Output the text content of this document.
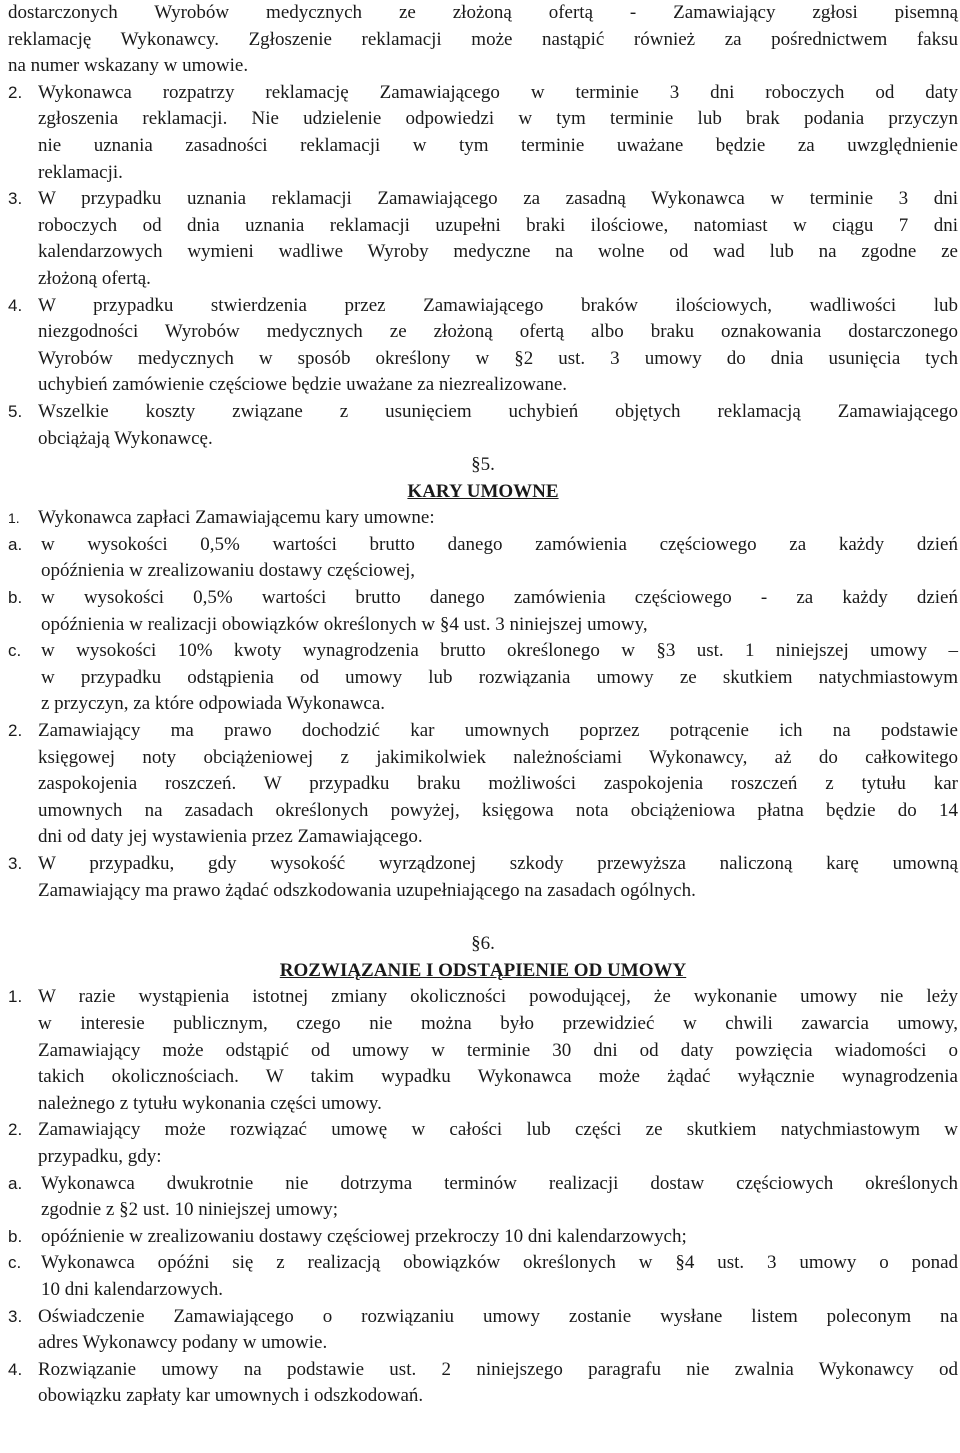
dostarczonych Wyrobów medycznych ze złożoną ofertą - Zamawiający zgłosi pisemną

reklamację Wykonawcy. Zgłoszenie reklamacji może nastąpić również za pośrednictwem faksu

na numer wskazany w umowie.

2. Wykonawca rozpatrzy reklamację Zamawiającego w terminie 3 dni roboczych od daty

zgłoszenia reklamacji. Nie udzielenie odpowiedzi w tym terminie lub brak podania przyczyn

nie uznania zasadności reklamacji w tym terminie uważane będzie za uwzględnienie

reklamacji.

3. W przypadku uznania reklamacji Zamawiającego za zasadną Wykonawca w terminie 3 dni

roboczych od dnia uznania reklamacji uzupełni braki ilościowe, natomiast w ciągu 7 dni

kalendarzowych wymieni wadliwe Wyroby medyczne na wolne od wad lub na zgodne ze

złożoną ofertą.

4. W przypadku stwierdzenia przez Zamawiającego braków ilościowych, wadliwości lub

niezgodności Wyrobów medycznych ze złożoną ofertą albo braku oznakowania dostarczonego

Wyrobów medycznych w sposób określony w §2 ust. 3 umowy do dnia usunięcia tych

uchybień zamówienie częściowe będzie uważane za niezrealizowane.

5. Wszelkie koszty związane z usunięciem uchybień objętych reklamacją Zamawiającego

obciążają Wykonawcę.

§5.

KARY UMOWNE

1. Wykonawca zapłaci Zamawiającemu kary umowne:

a. w wysokości 0,5% wartości brutto danego zamówienia częściowego za każdy dzień

opóźnienia w zrealizowaniu dostawy częściowej,

b. w wysokości 0,5% wartości brutto danego zamówienia częściowego - za każdy dzień

opóźnienia w realizacji obowiązków określonych w §4 ust. 3 niniejszej umowy,

c.	w wysokości 10% kwoty wynagrodzenia brutto określonego w §3 ust. 1 niniejszej umowy –

w przypadku odstąpienia od umowy lub rozwiązania umowy ze skutkiem natychmiastowym

z przyczyn, za które odpowiada Wykonawca.

2. Zamawiający ma prawo dochodzić kar umownych poprzez potrącenie ich na podstawie

księgowej noty obciążeniowej z jakimikolwiek należnościami Wykonawcy, aż do całkowitego

zaspokojenia roszczeń. W przypadku braku możliwości zaspokojenia roszczeń z tytułu kar

umownych na zasadach określonych powyżej, księgowa nota obciążeniowa płatna będzie do 14

dni od daty jej wystawienia przez Zamawiającego.

3. W przypadku, gdy wysokość wyrządzonej szkody przewyższa naliczoną karę umowną

Zamawiający ma prawo żądać odszkodowania uzupełniającego na zasadach ogólnych.

§6.

ROZWIĄZANIE I ODSTĄPIENIE OD UMOWY

1. W razie wystąpienia istotnej zmiany okoliczności powodującej, że wykonanie umowy nie leży

w interesie publicznym, czego nie można było przewidzieć w chwili zawarcia umowy,

Zamawiający może odstąpić od umowy w terminie 30 dni od daty powzięcia wiadomości o

takich okolicznościach. W takim wypadku Wykonawca może żądać wyłącznie wynagrodzenia

należnego z tytułu wykonania części umowy.

2. Zamawiający może rozwiązać umowę w całości lub części ze skutkiem natychmiastowym w

przypadku, gdy:

a. Wykonawca dwukrotnie nie dotrzyma terminów realizacji dostaw częściowych określonych

zgodnie z §2 ust. 10 niniejszej umowy;

b. opóźnienie w zrealizowaniu dostawy częściowej przekroczy 10 dni kalendarzowych;

c.	Wykonawca opóźni się z realizacją obowiązków określonych w §4 ust. 3 umowy o ponad

10 dni kalendarzowych.

3. Oświadczenie Zamawiającego o rozwiązaniu umowy zostanie wysłane listem poleconym na

adres Wykonawcy podany w umowie.

4. Rozwiązanie umowy na podstawie ust. 2 niniejszego paragrafu nie zwalnia Wykonawcy od

obowiązku zapłaty kar umownych i odszkodowań.
